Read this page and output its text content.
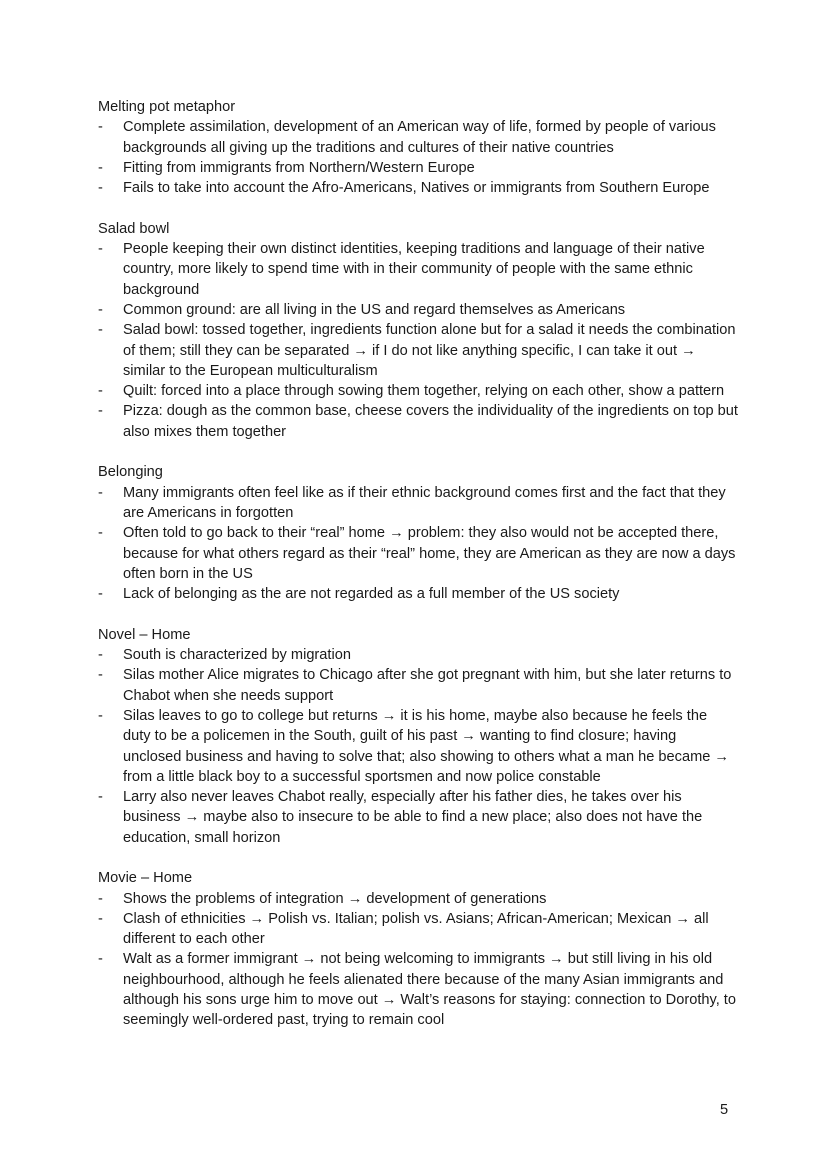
Melting pot metaphor
-	Complete assimilation, development of an American way of life, formed by people of various backgrounds all giving up the traditions and cultures of their native countries
-	Fitting from immigrants from Northern/Western Europe
-	Fails to take into account the Afro-Americans, Natives or immigrants from Southern Europe
Salad bowl
-	People keeping their own distinct identities, keeping traditions and language of their native country, more likely to spend time with in their community of people with the same ethnic background
-	Common ground: are all living in the US and regard themselves as Americans
-	Salad bowl: tossed together, ingredients function alone but for a salad it needs the combination of them; still they can be separated → if I do not like anything specific, I can take it out → similar to the European multiculturalism
-	Quilt: forced into a place through sowing them together, relying on each other, show a pattern
-	Pizza: dough as the common base, cheese covers the individuality of the ingredients on top but also mixes them together
Belonging
-	Many immigrants often feel like as if their ethnic background comes first and the fact that they are Americans in forgotten
-	Often told to go back to their “real” home → problem: they also would not be accepted there, because for what others regard as their “real” home, they are American as they are now a days often born in the US
-	Lack of belonging as the are not regarded as a full member of the US society
Novel – Home
-	South is characterized by migration
-	Silas mother Alice migrates to Chicago after she got pregnant with him, but she later returns to Chabot when she needs support
-	Silas leaves to go to college but returns → it is his home, maybe also because he feels the duty to be a policemen in the South, guilt of his past → wanting to find closure; having unclosed business and having to solve that; also showing to others what a man he became → from a little black boy to a successful sportsmen and now police constable
-	Larry also never leaves Chabot really, especially after his father dies, he takes over his business → maybe also to insecure to be able to find a new place; also does not have the education, small horizon
Movie – Home
-	Shows the problems of integration → development of generations
-	Clash of ethnicities → Polish vs. Italian; polish vs. Asians; African-American; Mexican → all different to each other
-	Walt as a former immigrant → not being welcoming to immigrants → but still living in his old neighbourhood, although he feels alienated there because of the many Asian immigrants and although his sons urge him to move out → Walt’s reasons for staying: connection to Dorothy, to seemingly well-ordered past, trying to remain cool
5
